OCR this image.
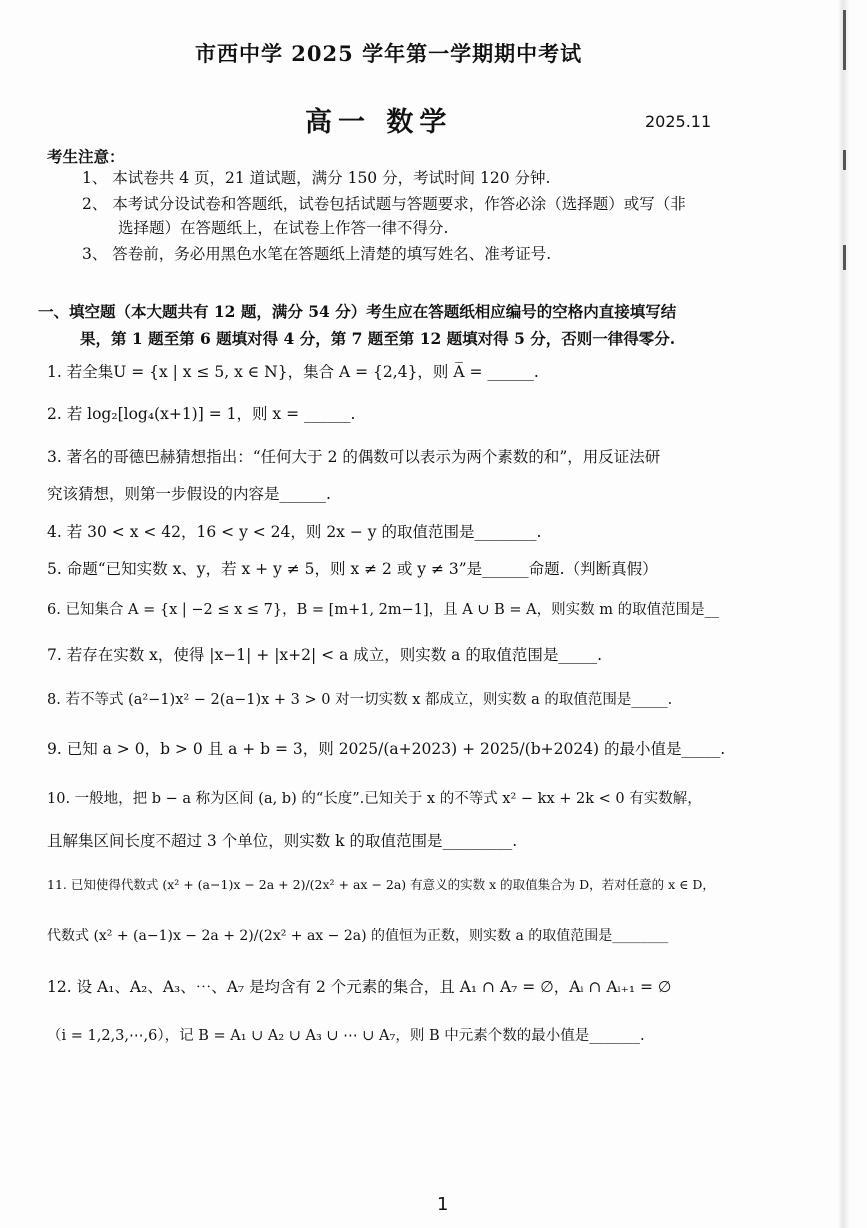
市西中学 2025 学年第一学期期中考试
高一 数学	2025.11
考生注意：
1、 本试卷共 4 页，21 道试题，满分 150 分，考试时间 120 分钟.
2、 本考试分设试卷和答题纸，试卷包括试题与答题要求，作答必涂（选择题）或写（非
选择题）在答题纸上，在试卷上作答一律不得分.
3、 答卷前，务必用黑色水笔在答题纸上清楚的填写姓名、准考证号.
一、填空题（本大题共有 12 题，满分 54 分）考生应在答题纸相应编号的空格内直接填写结
果，第 1 题至第 6 题填对得 4 分，第 7 题至第 12 题填对得 5 分，否则一律得零分.
1. 若全集U = {x | x ≤ 5, x ∈ N}，集合 A = {2,4}，则 A̅ = ______.
2. 若 log₂[log₄(x+1)] = 1，则 x = ______.
3. 著名的哥德巴赫猜想指出：“任何大于 2 的偶数可以表示为两个素数的和”，用反证法研
究该猜想，则第一步假设的内容是______.
4. 若 30 < x < 42，16 < y < 24，则 2x − y 的取值范围是________.
5. 命题“已知实数 x、y，若 x + y ≠ 5，则 x ≠ 2 或 y ≠ 3”是______命题.（判断真假）
6. 已知集合 A = {x | −2 ≤ x ≤ 7}，B = [m+1, 2m−1]，且 A ∪ B = A，则实数 m 的取值范围是__
7. 若存在实数 x，使得 |x−1| + |x+2| < a 成立，则实数 a 的取值范围是_____.
8. 若不等式 (a²−1)x² − 2(a−1)x + 3 > 0 对一切实数 x 都成立，则实数 a 的取值范围是_____.
9. 已知 a > 0，b > 0 且 a + b = 3，则 2025/(a+2023) + 2025/(b+2024) 的最小值是_____.
10. 一般地，把 b − a 称为区间 (a, b) 的“长度”.已知关于 x 的不等式 x² − kx + 2k < 0 有实数解，
且解集区间长度不超过 3 个单位，则实数 k 的取值范围是_________.
11. 已知使得代数式 (x² + (a−1)x − 2a + 2)/(2x² + ax − 2a) 有意义的实数 x 的取值集合为 D，若对任意的 x ∈ D，
代数式 (x² + (a−1)x − 2a + 2)/(2x² + ax − 2a) 的值恒为正数，则实数 a 的取值范围是________
12. 设 A₁、A₂、A₃、⋯、A₇ 是均含有 2 个元素的集合，且 A₁ ∩ A₇ = ∅，Aᵢ ∩ Aᵢ₊₁ = ∅
（i = 1,2,3,⋯,6），记 B = A₁ ∪ A₂ ∪ A₃ ∪ ⋯ ∪ A₇，则 B 中元素个数的最小值是_______.
1
